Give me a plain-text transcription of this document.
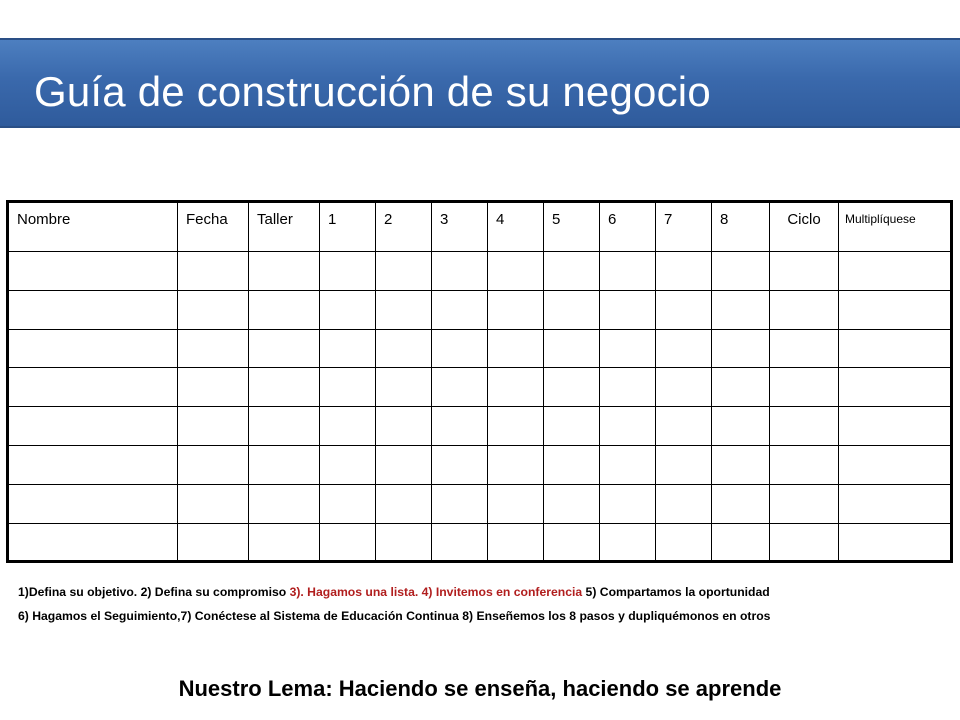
Guía de construcción de su negocio
Nombre	Fecha	Taller	1	2	3	4	5	6	7	8	Ciclo	Multiplíquese

1)Defina su objetivo. 2) Defina su compromiso 3). Hagamos una lista. 4) Invitemos en conferencia 5) Compartamos la oportunidad
6) Hagamos el Seguimiento,7) Conéctese al Sistema de Educación Continua 8) Enseñemos los 8 pasos y dupliquémonos en otros

Nuestro Lema: Haciendo se enseña, haciendo se aprende
